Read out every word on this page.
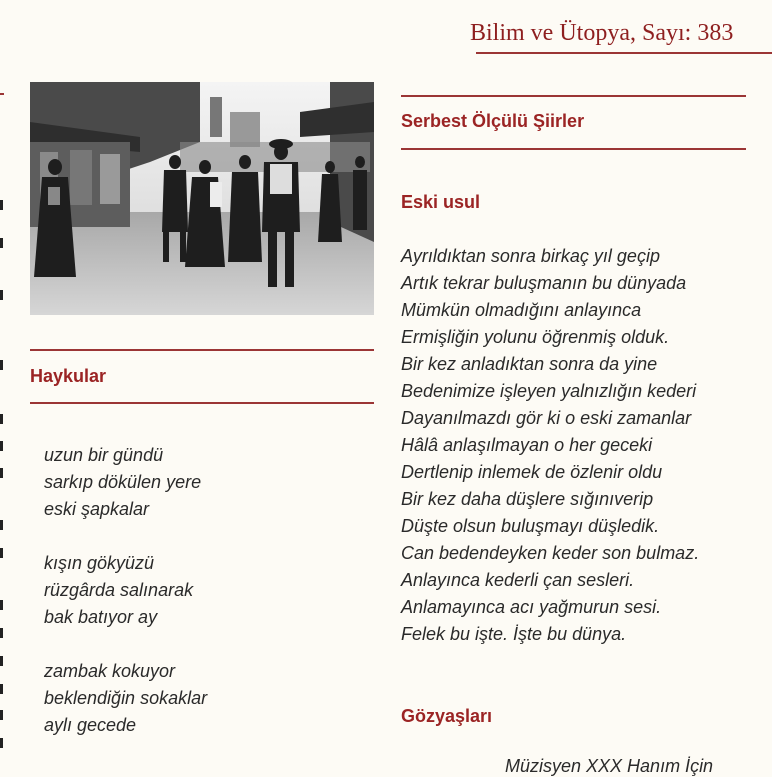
Bilim ve Ütopya, Sayı: 383
Serbest Ölçülü Şiirler
Eski usul
Ayrıldıktan sonra birkaç yıl geçip
Artık tekrar buluşmanın bu dünyada
Mümkün olmadığını anlayınca
Ermişliğin yolunu öğrenmiş olduk.
Bir kez anladıktan sonra da yine
Bedenimize işleyen yalnızlığın kederi
Dayanılmazdı gör ki o eski zamanlar
Hâlâ anlaşılmayan o her geceki
Dertlenip inlemek de özlenir oldu
Bir kez daha düşlere sığınıverip
Düşte olsun buluşmayı düşledik.
Can bedendeyken keder son bulmaz.
Anlayınca kederli çan sesleri.
Anlamayınca acı yağmurun sesi.
Felek bu işte. İşte bu dünya.
Gözyaşları
Müzisyen XXX Hanım İçin
Haykular
uzun bir gündü
sarkıp dökülen yere
eski şapkalar
kışın gökyüzü
rüzgârda salınarak
bak batıyor ay
zambak kokuyor
beklendiğin sokaklar
aylı gecede
